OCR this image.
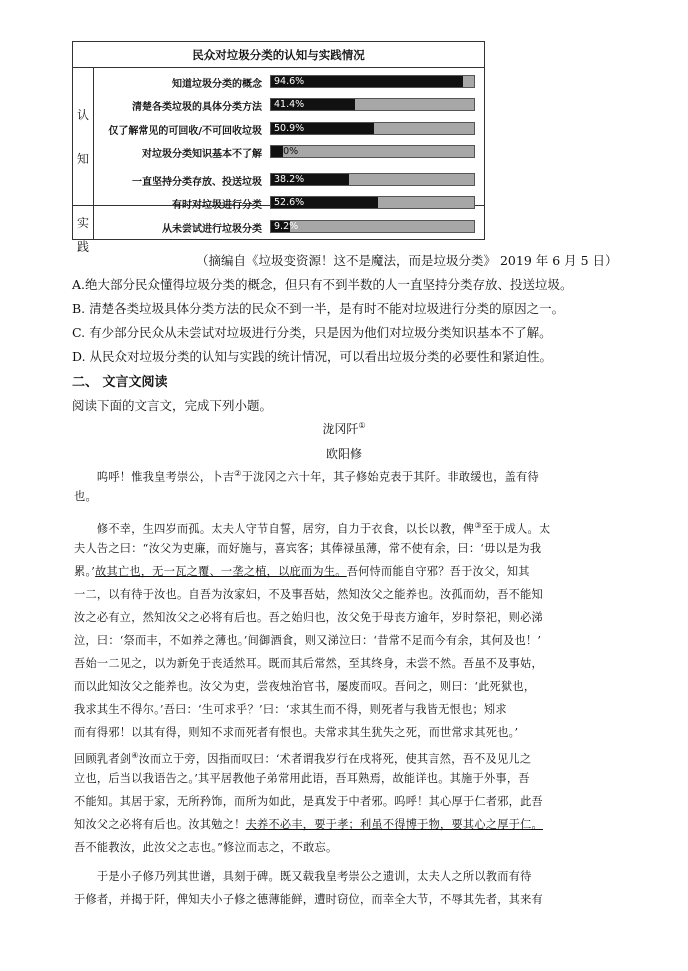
民众对垃圾分类的认知与实践情况
认
知
实
践
知道垃圾分类的概念 94.6%
清楚各类垃圾的具体分类方法 41.4%
仅了解常见的可回收/不可回收垃圾 50.9%
对垃圾分类知识基本不了解 6.0%
一直坚持分类存放、投送垃圾 38.2%
有时对垃圾进行分类 52.6%
从未尝试进行垃圾分类 9.2%
（摘编自《垃圾变资源！这不是魔法，而是垃圾分类》 2019 年 6 月 5 日）
A.绝大部分民众懂得垃圾分类的概念，但只有不到半数的人一直坚持分类存放、投送垃圾。
B. 清楚各类垃圾具体分类方法的民众不到一半，是有时不能对垃圾进行分类的原因之一。
C. 有少部分民众从未尝试对垃圾进行分类，只是因为他们对垃圾分类知识基本不了解。
D. 从民众对垃圾分类的认知与实践的统计情况，可以看出垃圾分类的必要性和紧迫性。
二、 文言文阅读
阅读下面的文言文，完成下列小题。
泷冈阡①
欧阳修
　　呜呼！惟我皇考崇公，卜吉②于泷冈之六十年，其子修始克表于其阡。非敢缓也，盖有待
也。
　　修不幸，生四岁而孤。太夫人守节自誓，居穷，自力于衣食，以长以教，俾③至于成人。太
夫人告之曰：“汝父为吏廉，而好施与，喜宾客；其俸禄虽薄，常不使有余，曰：‘毋以是为我
累。’故其亡也，无一瓦之覆、一垄之植，以庇而为生。吾何恃而能自守邪？吾于汝父，知其
一二，以有待于汝也。自吾为汝家妇，不及事吾姑，然知汝父之能养也。汝孤而幼，吾不能知
汝之必有立，然知汝父之必将有后也。吾之始归也，汝父免于母丧方逾年，岁时祭祀，则必涕
泣，曰：‘祭而丰，不如养之薄也。’间御酒食，则又涕泣曰：‘昔常不足而今有余，其何及也！’
吾始一二见之，以为新免于丧适然耳。既而其后常然，至其终身，未尝不然。吾虽不及事姑，
而以此知汝父之能养也。汝父为吏，尝夜烛治官书，屡废而叹。吾问之，则曰：‘此死狱也，
我求其生不得尔。’吾曰：‘生可求乎？’曰：‘求其生而不得，则死者与我皆无恨也；矧求
而有得邪！以其有得，则知不求而死者有恨也。夫常求其生犹失之死，而世常求其死也。’
回顾乳者剑④汝而立于旁，因指而叹曰：‘术者谓我岁行在戌将死，使其言然，吾不及见儿之
立也，后当以我语告之。’其平居教他子弟常用此语，吾耳熟焉，故能详也。其施于外事，吾
不能知。其居于家，无所矜饰，而所为如此，是真发于中者邪。呜呼！其心厚于仁者邪，此吾
知汝父之必将有后也。汝其勉之！夫养不必丰，要于孝；利虽不得博于物，要其心之厚于仁。
吾不能教汝，此汝父之志也。”修泣而志之，不敢忘。
　　于是小子修乃列其世谱，具刻于碑。既又载我皇考崇公之遗训，太夫人之所以教而有待
于修者，并揭于阡，俾知夫小子修之德薄能鲜，遭时窃位，而幸全大节，不辱其先者，其来有
